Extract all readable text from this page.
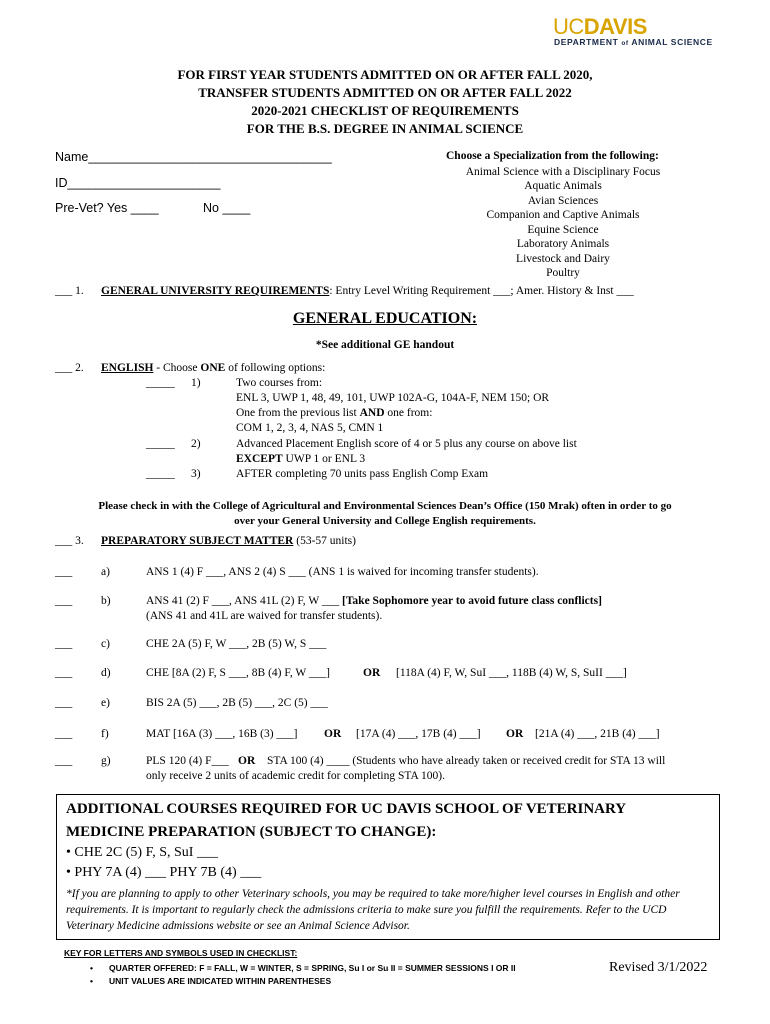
UCDAVIS
DEPARTMENT of ANIMAL SCIENCE
FOR FIRST YEAR STUDENTS ADMITTED ON OR AFTER FALL 2020,
TRANSFER STUDENTS ADMITTED ON OR AFTER FALL 2022
2020-2021 CHECKLIST OF REQUIREMENTS
FOR THE B.S. DEGREE IN ANIMAL SCIENCE
Name___________________________________
ID______________________
Pre-Vet? Yes ____	No ____
Choose a Specialization from the following:
Animal Science with a Disciplinary Focus
Aquatic Animals
Avian Sciences
Companion and Captive Animals
Equine Science
Laboratory Animals
Livestock and Dairy
Poultry
___ 1. GENERAL UNIVERSITY REQUIREMENTS: Entry Level Writing Requirement ___; Amer. History & Inst ___
GENERAL EDUCATION:
*See additional GE handout
___ 2. ENGLISH - Choose ONE of following options:
_____ 1)	Two courses from:
ENL 3, UWP 1, 48, 49, 101, UWP 102A-G, 104A-F, NEM 150; OR
One from the previous list AND one from:
COM 1, 2, 3, 4, NAS 5, CMN 1
_____ 2)	Advanced Placement English score of 4 or 5 plus any course on above list
EXCEPT UWP 1 or ENL 3
_____ 3)	AFTER completing 70 units pass English Comp Exam
Please check in with the College of Agricultural and Environmental Sciences Dean’s Office (150 Mrak) often in order to go
over your General University and College English requirements.
___ 3. PREPARATORY SUBJECT MATTER (53-57 units)
___	a)	ANS 1 (4) F ___, ANS 2 (4) S ___ (ANS 1 is waived for incoming transfer students).
___	b)	ANS 41 (2) F ___, ANS 41L (2) F, W ___ [Take Sophomore year to avoid future class conflicts]
(ANS 41 and 41L are waived for transfer students).
___	c)	CHE 2A (5) F, W ___, 2B (5) W, S ___
___	d)	CHE [8A (2) F, S ___, 8B (4) F, W ___]	OR [118A (4) F, W, SuI ___, 118B (4) W, S, SuII ___]
___	e)	BIS 2A (5) ___, 2B (5) ___, 2C (5) ___
___	f)	MAT [16A (3) ___, 16B (3) ___] OR [17A (4) ___, 17B (4) ___] OR [21A (4) ___, 21B (4) ___]
___	g)	PLS 120 (4) F___ OR STA 100 (4) ____ (Students who have already taken or received credit for STA 13 will
only receive 2 units of academic credit for completing STA 100).
ADDITIONAL COURSES REQUIRED FOR UC DAVIS SCHOOL OF VETERINARY
MEDICINE PREPARATION (SUBJECT TO CHANGE):
• CHE 2C (5) F, S, SuI ___
• PHY 7A (4) ___ PHY 7B (4) ___
*If you are planning to apply to other Veterinary schools, you may be required to take more/higher level courses in English and other requirements. It is important to regularly check the admissions criteria to make sure you fulfill the requirements. Refer to the UCD Veterinary Medicine admissions website or see an Animal Science Advisor.
KEY FOR LETTERS AND SYMBOLS USED IN CHECKLIST:
• QUARTER OFFERED: F = FALL, W = WINTER, S = SPRING, Su I or Su II = SUMMER SESSIONS I OR II
• UNIT VALUES ARE INDICATED WITHIN PARENTHESES
Revised 3/1/2022
